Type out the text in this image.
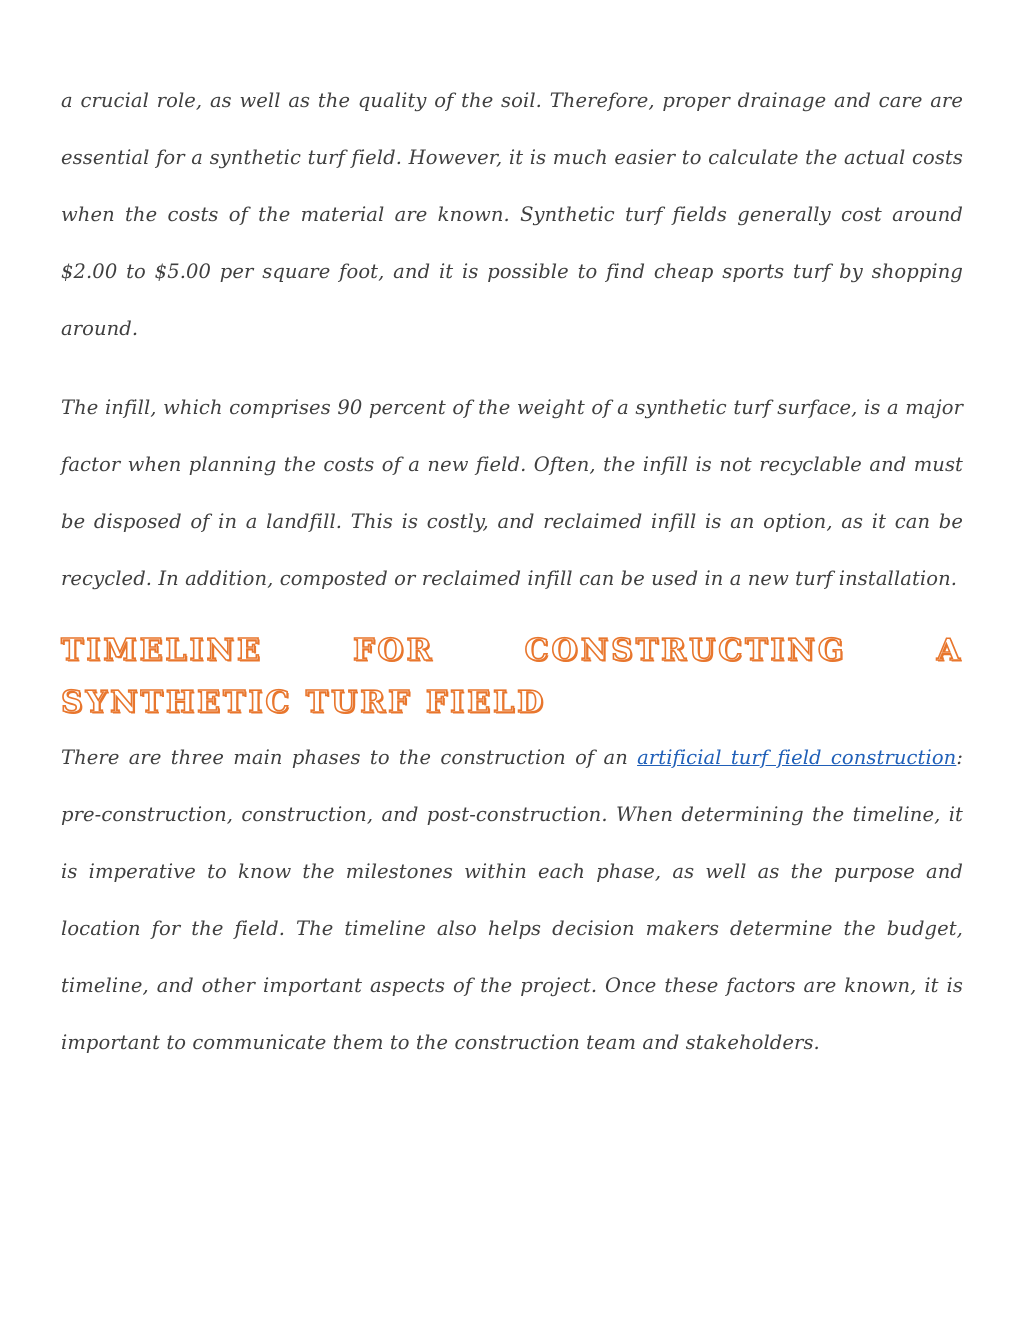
a crucial role, as well as the quality of the soil. Therefore, proper drainage and care are essential for a synthetic turf field. However, it is much easier to calculate the actual costs when the costs of the material are known. Synthetic turf fields generally cost around $2.00 to $5.00 per square foot, and it is possible to find cheap sports turf by shopping around.

The infill, which comprises 90 percent of the weight of a synthetic turf surface, is a major factor when planning the costs of a new field. Often, the infill is not recyclable and must be disposed of in a landfill. This is costly, and reclaimed infill is an option, as it can be recycled. In addition, composted or reclaimed infill can be used in a new turf installation.

TIMELINE FOR CONSTRUCTING A SYNTHETIC TURF FIELD

There are three main phases to the construction of an artificial turf field construction: pre-construction, construction, and post-construction. When determining the timeline, it is imperative to know the milestones within each phase, as well as the purpose and location for the field. The timeline also helps decision makers determine the budget, timeline, and other important aspects of the project. Once these factors are known, it is important to communicate them to the construction team and stakeholders.
